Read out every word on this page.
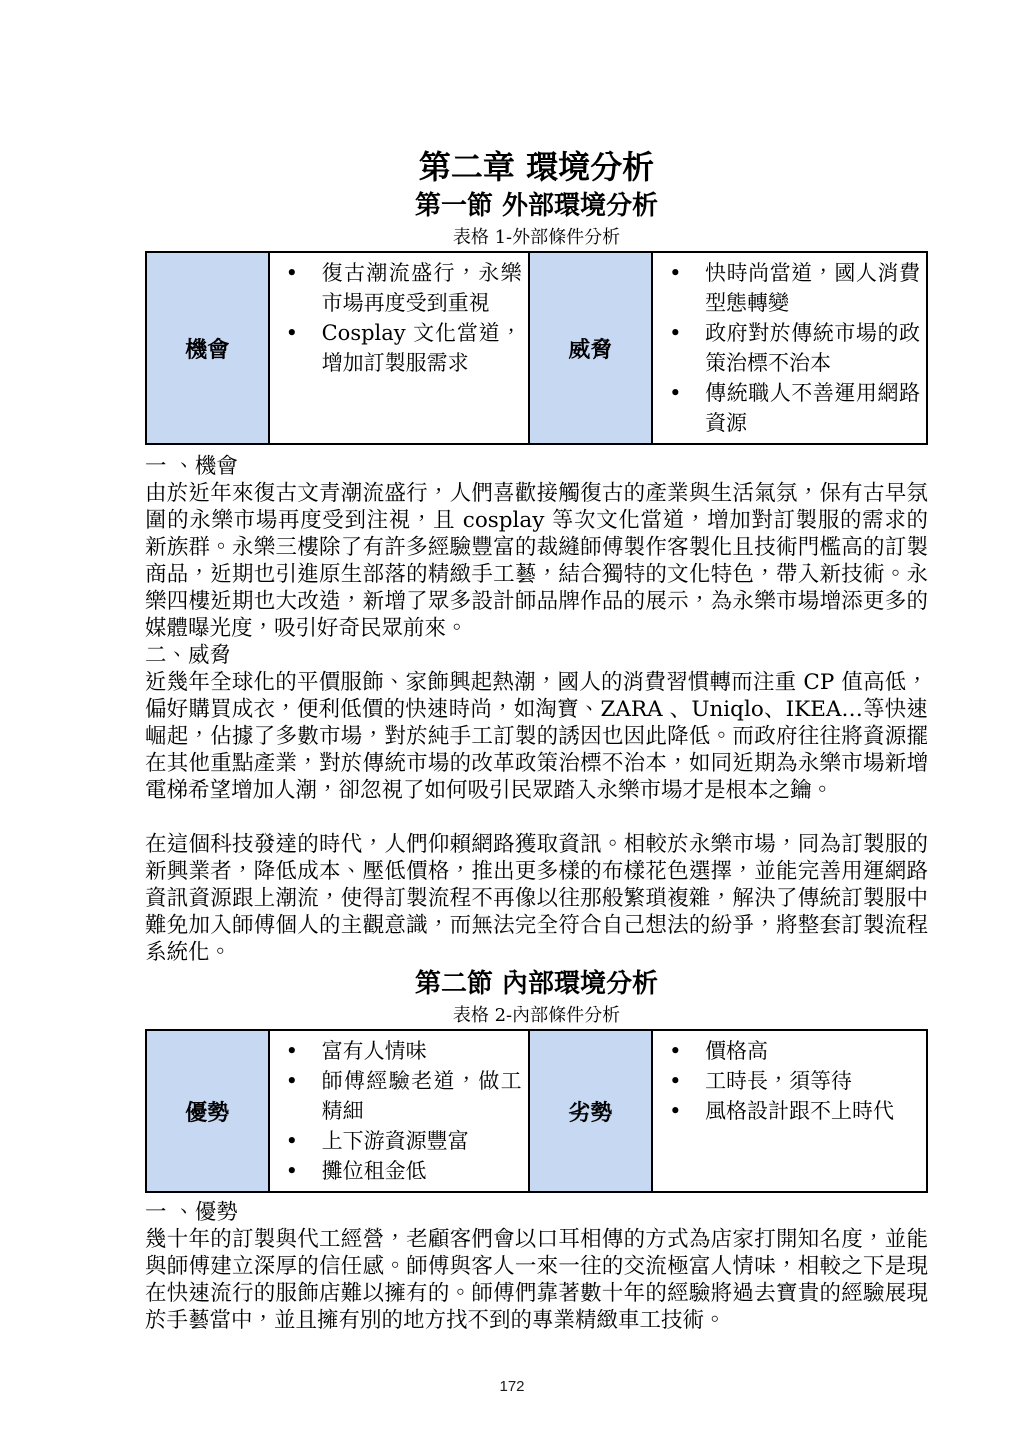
第二章 環境分析
第一節 外部環境分析
表格 1-外部條件分析
機會	
• 復古潮流盛行，永樂市場再度受到重視
• Cosplay 文化當道，增加訂製服需求
	威脅	
• 快時尚當道，國人消費型態轉變
• 政府對於傳統市場的政策治標不治本
• 傳統職人不善運用網路資源

一 、機會

由於近年來復古文青潮流盛行，人們喜歡接觸復古的產業與生活氣氛，保有古早氛圍的永樂市場再度受到注視，且 cosplay 等次文化當道，增加對訂製服的需求的新族群。永樂三樓除了有許多經驗豐富的裁縫師傅製作客製化且技術門檻高的訂製商品，近期也引進原生部落的精緻手工藝，結合獨特的文化特色，帶入新技術。永樂四樓近期也大改造，新增了眾多設計師品牌作品的展示，為永樂市場增添更多的媒體曝光度，吸引好奇民眾前來。

二、威脅

近幾年全球化的平價服飾、家飾興起熱潮，國人的消費習慣轉而注重 CP 值高低，偏好購買成衣，便利低價的快速時尚，如淘寶、ZARA 、Uniqlo、IKEA…等快速崛起，佔據了多數市場，對於純手工訂製的誘因也因此降低。而政府往往將資源擺在其他重點產業，對於傳統市場的改革政策治標不治本，如同近期為永樂市場新增電梯希望增加人潮，卻忽視了如何吸引民眾踏入永樂市場才是根本之鑰。

在這個科技發達的時代，人們仰賴網路獲取資訊。相較於永樂市場，同為訂製服的新興業者，降低成本、壓低價格，推出更多樣的布樣花色選擇，並能完善用運網路資訊資源跟上潮流，使得訂製流程不再像以往那般繁瑣複雜，解決了傳統訂製服中難免加入師傅個人的主觀意識，而無法完全符合自己想法的紛爭，將整套訂製流程系統化。

第二節 內部環境分析
表格 2-內部條件分析
優勢	
• 富有人情味
• 師傅經驗老道，做工精細
• 上下游資源豐富
• 攤位租金低
	劣勢	
• 價格高
• 工時長，須等待
• 風格設計跟不上時代

一 、優勢

幾十年的訂製與代工經營，老顧客們會以口耳相傳的方式為店家打開知名度，並能與師傅建立深厚的信任感。師傅與客人一來一往的交流極富人情味，相較之下是現在快速流行的服飾店難以擁有的。師傅們靠著數十年的經驗將過去寶貴的經驗展現於手藝當中，並且擁有別的地方找不到的專業精緻車工技術。

172
